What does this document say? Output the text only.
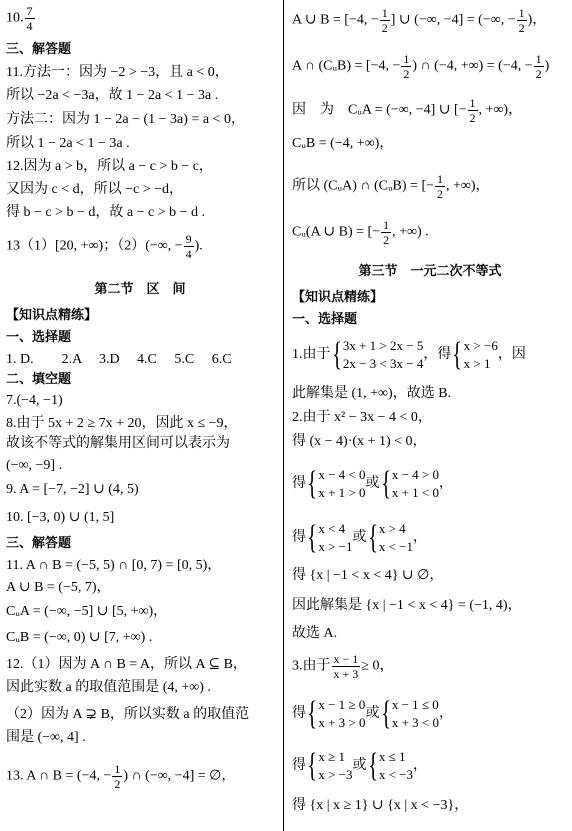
10. $\frac{7}{4}$
三、解答题
11.方法一：因为 −2 > −3，且 a < 0，
所以 −2a < −3a，故 1 − 2a < 1 − 3a .
方法二：因为 1 − 2a − (1 − 3a) = a < 0，
所以 1 − 2a < 1 − 3a .
12.因为 a > b，所以 a − c > b − c，
又因为 c < d，所以 −c > −d，
得 b − c > b − d，故 a − c > b − d .
13（1）[20, +∞)；（2）(−∞, − $\frac{9}{4}$ ).
第二节　区　间
【知识点精练】
一、选择题
1. D.　　2.A　 3.D　 4.C　 5.C　 6.C
二、填空题
7.(−4, −1)
8.由于 5x + 2 ≥ 7x + 20，因此 x ≤ −9，
故该不等式的解集用区间可以表示为
(−∞, −9] .
9. A = [−7, −2] ∪ (4, 5)
10. [−3, 0) ∪ (1, 5]
三、解答题
11. A ∩ B = (−5, 5) ∩ [0, 7) = [0, 5)，
A ∪ B = (−5, 7)，
CᵤA = (−∞, −5] ∪ [5, +∞)，
CᵤB = (−∞, 0) ∪ [7, +∞) .
12.（1）因为 A ∩ B = A，所以 A ⊆ B，
因此实数 a 的取值范围是 (4, +∞) .
（2）因为 A ⊋ B，所以实数 a 的取值范
围是 (−∞, 4] .
13. A ∩ B = (−4, − $\frac{1}{2}$ ) ∩ (−∞, −4] = ∅，
A ∪ B = [−4, − $\frac{1}{2}$ ] ∪ (−∞, −4] = (−∞, − $\frac{1}{2}$ )，
A ∩ (CᵤB) = [−4, − $\frac{1}{2}$ ) ∩ (−4, +∞) = (−4, − $\frac{1}{2}$ )
因　为　CᵤA = (−∞, −4] ∪ [− $\frac{1}{2}$ , +∞)，
CᵤB = (−4, +∞)，
所以 (CᵤA) ∩ (CᵤB) = [− $\frac{1}{2}$ , +∞)，
Cᵤ(A ∪ B) = [− $\frac{1}{2}$ , +∞) .
第三节　一元二次不等式
【知识点精练】
一、选择题
1.由于{ 3x + 1 > 2x − 5
2x − 3 < 3x − 4
，得{ x > −6
x > 1
，因
此解集是 (1, +∞)，故选 B.
2.由于 x² − 3x − 4 < 0，
得 (x − 4)·(x + 1) < 0，
得{ x − 4 < 0
x + 1 > 0
或{ x − 4 > 0
x + 1 < 0
，
得{ x < 4
x > −1
或{ x > 4
x < −1
，
得 {x | −1 < x < 4} ∪ ∅，
因此解集是 {x | −1 < x < 4} = (−1, 4)，
故选 A.
3.由于 $\frac{x - 1}{x + 3} \ge 0$，
得{ x − 1 ≥ 0
x + 3 > 0
或{ x − 1 ≤ 0
x + 3 < 0
，
得{ x ≥ 1
x > −3
或{ x ≤ 1
x < −3
，
得 {x | x ≥ 1} ∪ {x | x < −3}，
